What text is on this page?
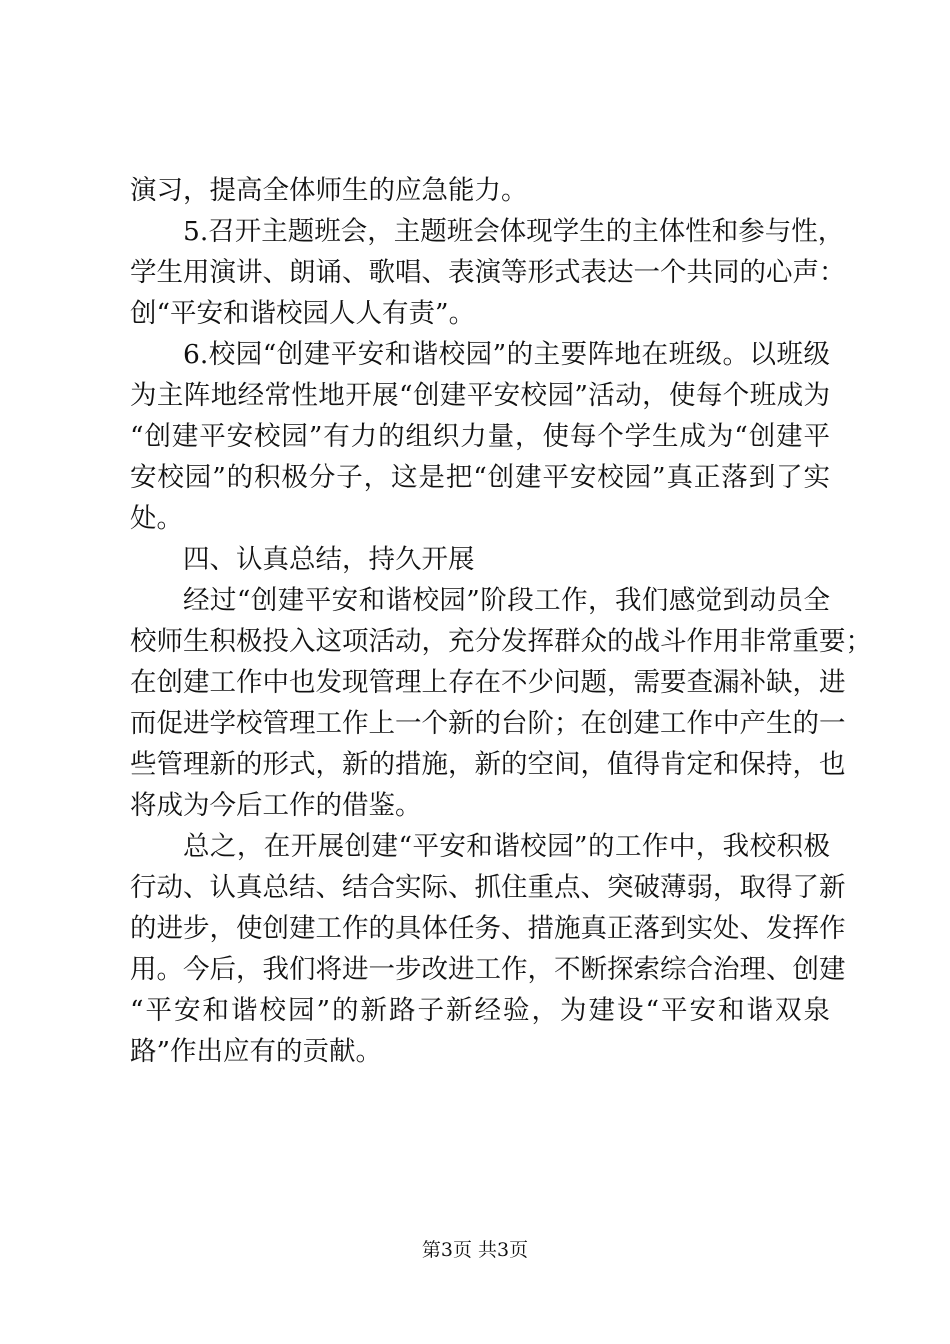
演习，提高全体师生的应急能力。
5.召开主题班会，主题班会体现学生的主体性和参与性，
学生用演讲、朗诵、歌唱、表演等形式表达一个共同的心声：
创“平安和谐校园人人有责”。
6.校园“创建平安和谐校园”的主要阵地在班级。以班级
为主阵地经常性地开展“创建平安校园”活动，使每个班成为
“创建平安校园”有力的组织力量，使每个学生成为“创建平
安校园”的积极分子，这是把“创建平安校园”真正落到了实
处。
四、认真总结，持久开展
经过“创建平安和谐校园”阶段工作，我们感觉到动员全
校师生积极投入这项活动，充分发挥群众的战斗作用非常重要；
在创建工作中也发现管理上存在不少问题，需要查漏补缺，进
而促进学校管理工作上一个新的台阶；在创建工作中产生的一
些管理新的形式，新的措施，新的空间，值得肯定和保持，也
将成为今后工作的借鉴。
总之，在开展创建“平安和谐校园”的工作中，我校积极
行动、认真总结、结合实际、抓住重点、突破薄弱，取得了新
的进步，使创建工作的具体任务、措施真正落到实处、发挥作
用。今后，我们将进一步改进工作，不断探索综合治理、创建
“平安和谐校园”的新路子新经验，为建设“平安和谐双泉
路”作出应有的贡献。
第3页 共3页
